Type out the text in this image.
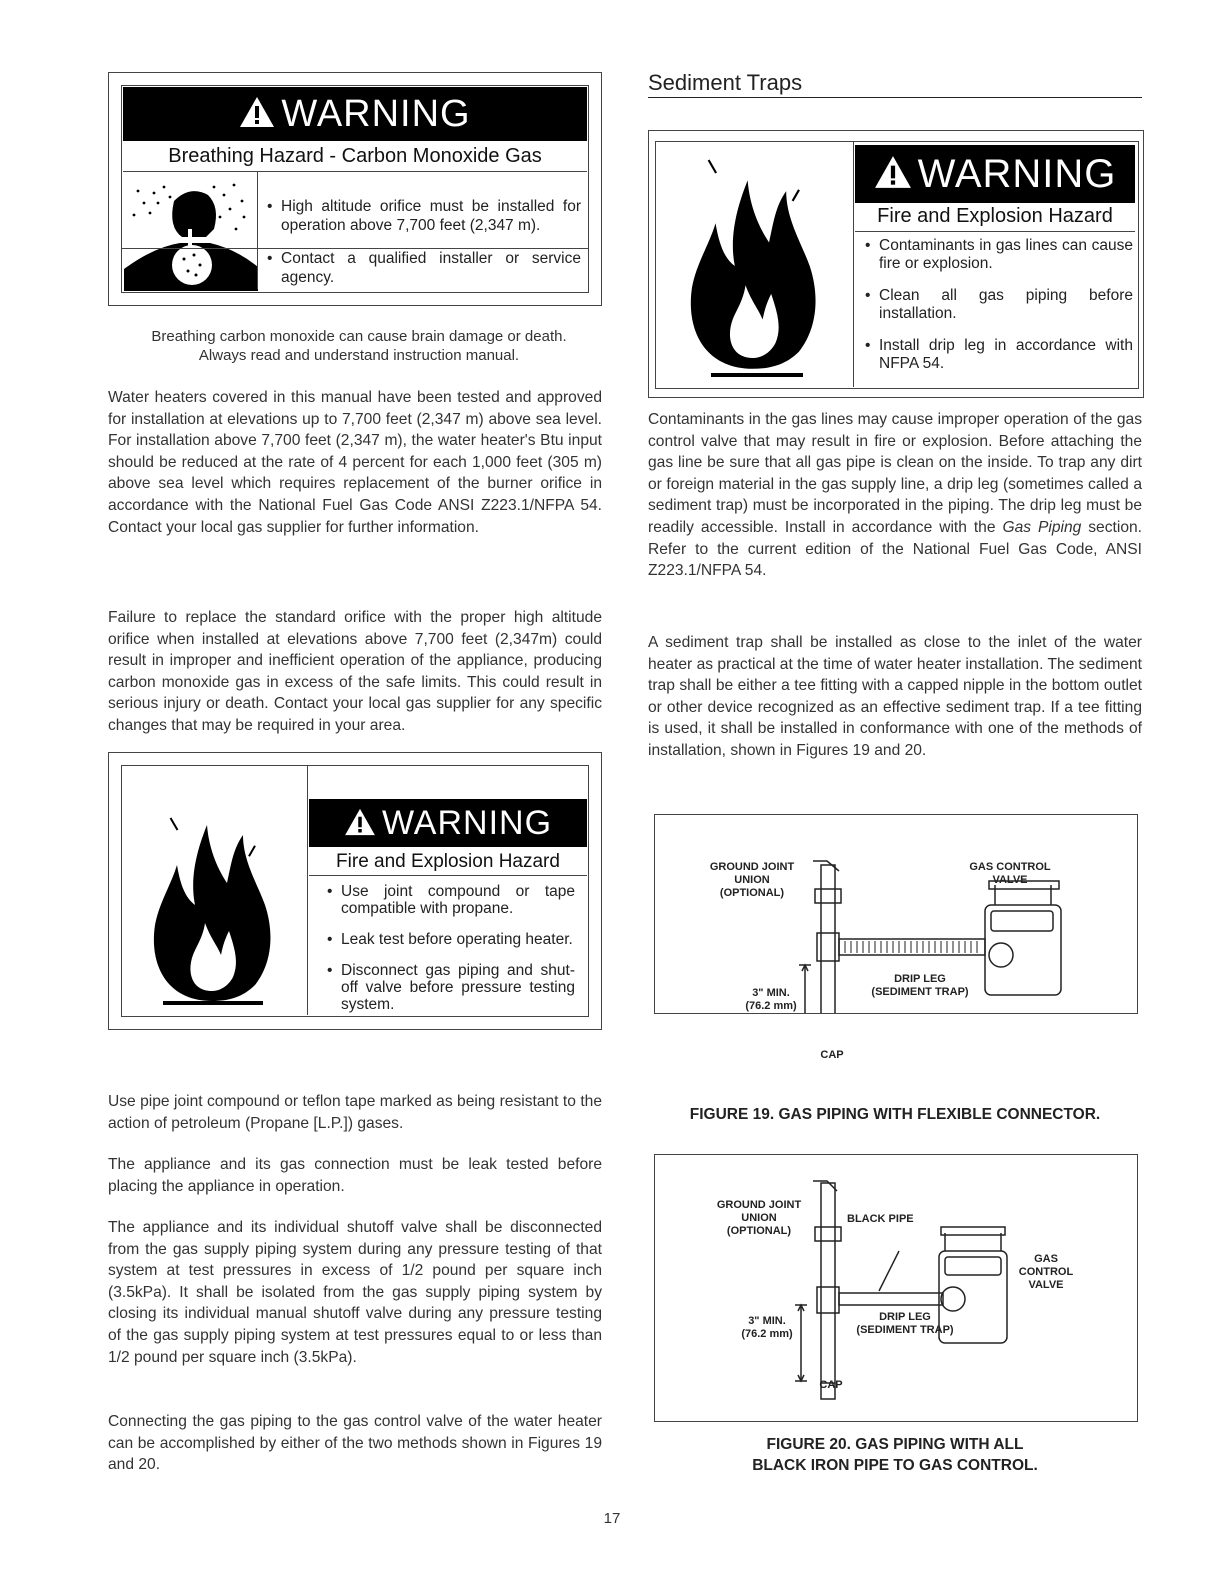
WARNING
Breathing Hazard - Carbon Monoxide Gas
• High altitude orifice must be installed for operation above 7,700 feet (2,347 m).
• Contact a qualified installer or service agency.
Breathing carbon monoxide can cause brain damage or death. Always read and understand instruction manual.
Water heaters covered in this manual have been tested and approved for installation at elevations up to 7,700 feet (2,347 m) above sea level. For installation above 7,700 feet (2,347 m), the water heater's Btu input should be reduced at the rate of 4 percent for each 1,000 feet (305 m) above sea level which requires replacement of the burner orifice in accordance with the National Fuel Gas Code ANSI Z223.1/NFPA 54. Contact your local gas supplier for further information.
Failure to replace the standard orifice with the proper high altitude orifice when installed at elevations above 7,700 feet (2,347m) could result in improper and inefficient operation of the appliance, producing carbon monoxide gas in excess of the safe limits. This could result in serious injury or death. Contact your local gas supplier for any specific changes that may be required in your area.
WARNING
Fire and Explosion Hazard
• Use joint compound or tape compatible with propane.
• Leak test before operating heater.
• Disconnect gas piping and shut-off valve before pressure testing system.
Use pipe joint compound or teflon tape marked as being resistant to the action of petroleum (Propane [L.P.]) gases.
The appliance and its gas connection must be leak tested before placing the appliance in operation.
The appliance and its individual shutoff valve shall be disconnected from the gas supply piping system during any pressure testing of that system at test pressures in excess of 1/2 pound per square inch (3.5kPa). It shall be isolated from the gas supply piping system by closing its individual manual shutoff valve during any pressure testing of the gas supply piping system at test pressures equal to or less than 1/2 pound per square inch (3.5kPa).
Connecting the gas piping to the gas control valve of the water heater can be accomplished by either of the two methods shown in Figures 19 and 20.
Sediment Traps
WARNING
Fire and Explosion Hazard
• Contaminants in gas lines can cause fire or explosion.
• Clean all gas piping before installation.
• Install drip leg in accordance with NFPA 54.
Contaminants in the gas lines may cause improper operation of the gas control valve that may result in fire or explosion. Before attaching the gas line be sure that all gas pipe is clean on the inside. To trap any dirt or foreign material in the gas supply line, a drip leg (sometimes called a sediment trap) must be incorporated in the piping. The drip leg must be readily accessible. Install in accordance with the Gas Piping section. Refer to the current edition of the National Fuel Gas Code, ANSI Z223.1/NFPA 54.
A sediment trap shall be installed as close to the inlet of the water heater as practical at the time of water heater installation. The sediment trap shall be either a tee fitting with a capped nipple in the bottom outlet or other device recognized as an effective sediment trap. If a tee fitting is used, it shall be installed in conformance with one of the methods of installation, shown in Figures 19 and 20.
GROUND JOINT
UNION
(OPTIONAL)
GAS CONTROL
VALVE
3" MIN.
(76.2 mm)
DRIP LEG
(SEDIMENT TRAP)
CAP
FIGURE 19. GAS PIPING WITH FLEXIBLE CONNECTOR.
GROUND JOINT
UNION
(OPTIONAL)
BLACK PIPE
GAS
CONTROL
VALVE
3" MIN.
(76.2 mm)
DRIP LEG
(SEDIMENT TRAP)
CAP
FIGURE 20. GAS PIPING WITH ALL
BLACK IRON PIPE TO GAS CONTROL.
17
